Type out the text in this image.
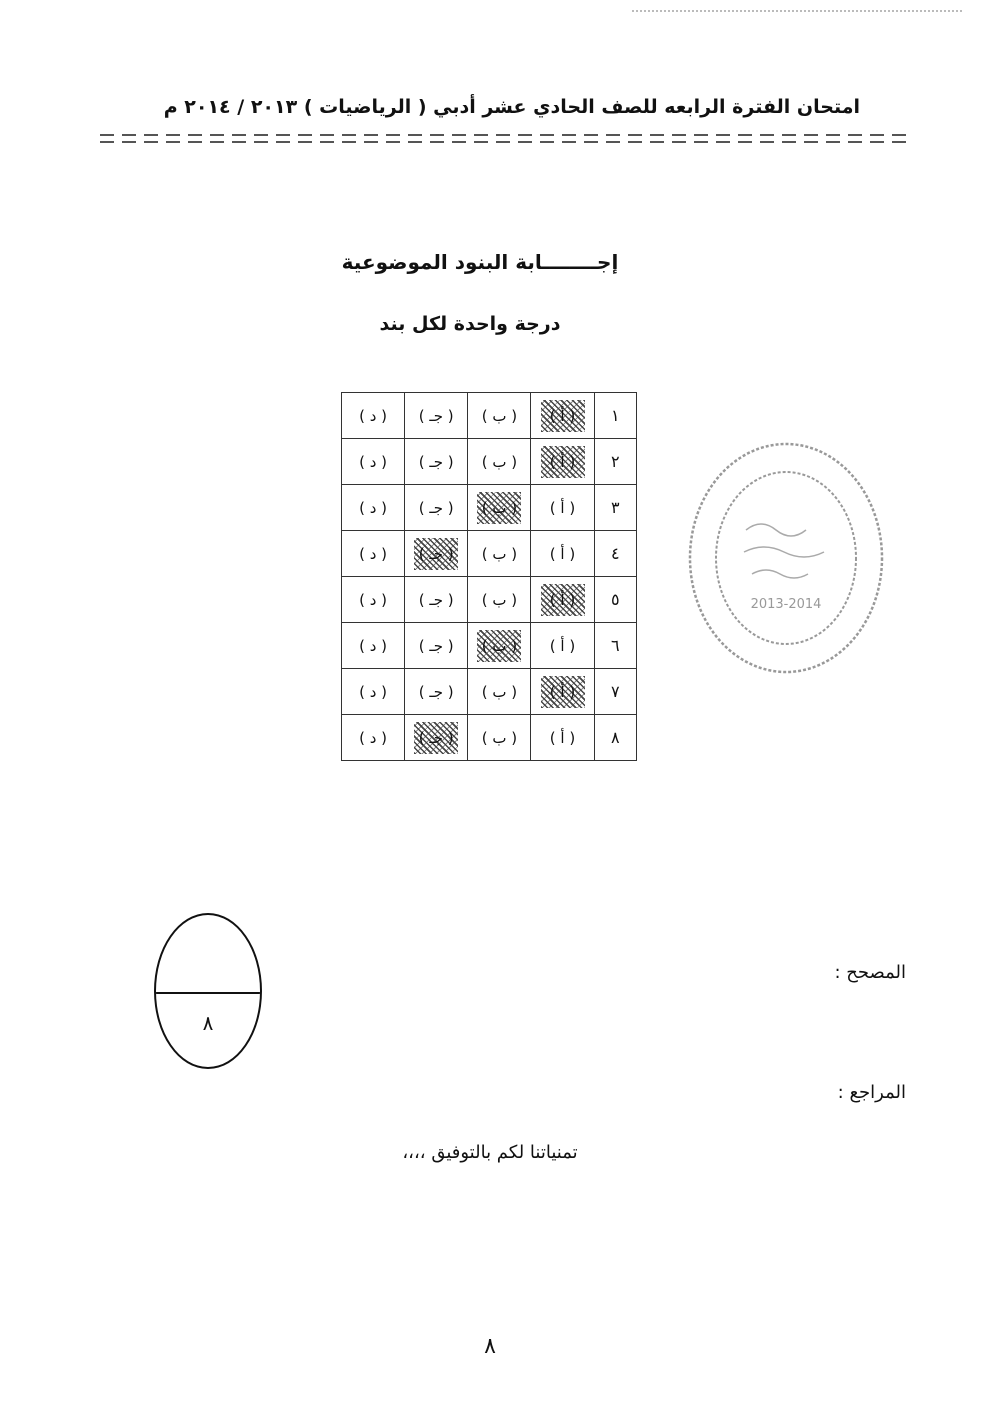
امتحان الفترة الرابعه للصف الحادي عشر أدبي ( الرياضيات ) ٢٠١٣ / ٢٠١٤ م
إجــــــــابة البنود الموضوعية
درجة واحدة لكل بند
١	( أ )	( ب )	( جـ )	( د )
٢	( أ )	( ب )	( جـ )	( د )
٣	( أ )	( ب )	( جـ )	( د )
٤	( أ )	( ب )	( جـ )	( د )
٥	( أ )	( ب )	( جـ )	( د )
٦	( أ )	( ب )	( جـ )	( د )
٧	( أ )	( ب )	( جـ )	( د )
٨	( أ )	( ب )	( جـ )	( د )
2013-2014
٨
المصحح :
المراجع :
تمنياتنا لكم بالتوفيق ،،،،
٨
